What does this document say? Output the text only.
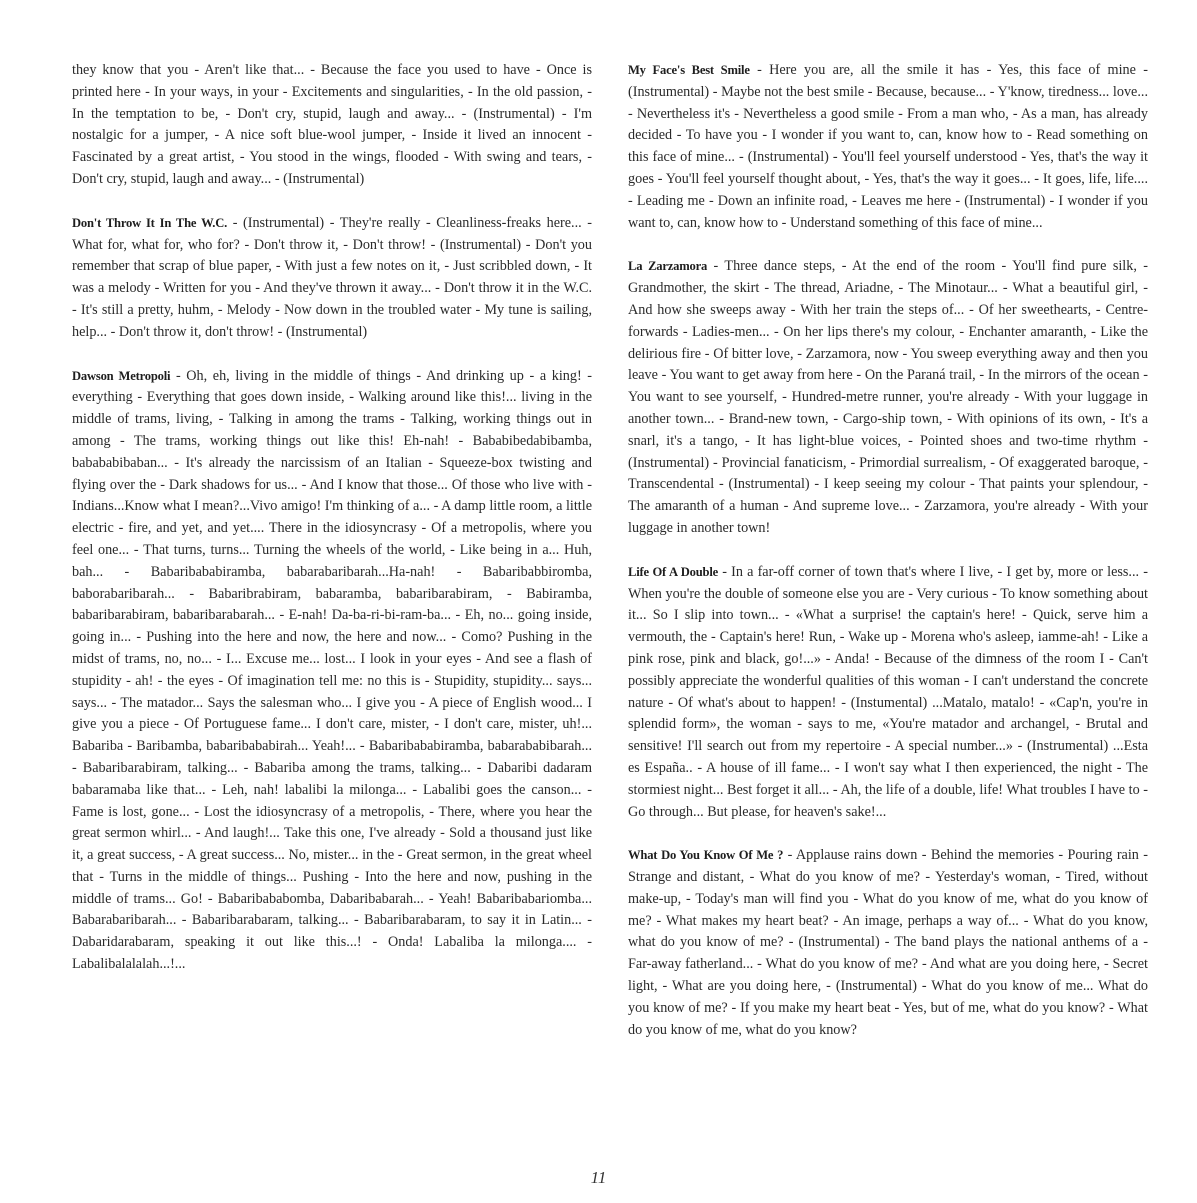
they know that you - Aren't like that... - Because the face you used to have - Once is printed here - In your ways, in your - Excitements and singularities, - In the old passion, - In the temptation to be, - Don't cry, stupid, laugh and away... - (Instrumental) - I'm nostalgic for a jumper, - A nice soft blue-wool jumper, - Inside it lived an innocent - Fascinated by a great artist, - You stood in the wings, flooded - With swing and tears, - Don't cry, stupid, laugh and away... - (Instrumental)

Don't Throw It In The W.C. - (Instrumental) - They're really - Cleanliness-freaks here... - What for, what for, who for? - Don't throw it, - Don't throw! - (Instrumental) - Don't you remember that scrap of blue paper, - With just a few notes on it, - Just scribbled down, - It was a melody - Written for you - And they've thrown it away... - Don't throw it in the W.C. - It's still a pretty, huhm, - Melody - Now down in the troubled water - My tune is sailing, help... - Don't throw it, don't throw! - (Instrumental)

Dawson Metropoli - Oh, eh, living in the middle of things - And drinking up - a king! - everything - Everything that goes down inside, - Walking around like this!... living in the middle of trams, living, - Talking in among the trams - Talking, working things out in among - The trams, working things out like this! Eh-nah! - Bababibedabibamba, babababibaban... - It's already the narcissism of an Italian - Squeeze-box twisting and flying over the - Dark shadows for us... - And I know that those... Of those who live with - Indians...Know what I mean?...Vivo amigo! I'm thinking of a... - A damp little room, a little electric - fire, and yet, and yet.... There in the idiosyncrasy - Of a metropolis, where you feel one... - That turns, turns... Turning the wheels of the world, - Like being in a... Huh, bah... - Babaribababiramba, babarabaribarah...Ha-nah! - Babaribabbiromba, baborabaribarah... - Babaribrabiram, babaramba, babaribarabiram, - Babiramba, babaribarabiram, babaribarabarah... - E-nah! Da-ba-ri-bi-ram-ba... - Eh, no... going inside, going in... - Pushing into the here and now, the here and now... - Como? Pushing in the midst of trams, no, no... - I... Excuse me... lost... I look in your eyes - And see a flash of stupidity - ah! - the eyes - Of imagination tell me: no this is - Stupidity, stupidity... says... says... - The matador... Says the salesman who... I give you - A piece of English wood... I give you a piece - Of Portuguese fame... I don't care, mister, - I don't care, mister, uh!... Babariba - Baribamba, babaribababirah... Yeah!... - Babaribababiramba, babarababibarah... - Babaribarabiram, talking... - Babariba among the trams, talking... - Dabaribi dadaram babaramaba like that... - Leh, nah! labalibi la milonga... - Labalibi goes the canson... - Fame is lost, gone... - Lost the idiosyncrasy of a metropolis, - There, where you hear the great sermon whirl... - And laugh!... Take this one, I've already - Sold a thousand just like it, a great success, - A great success... No, mister... in the - Great sermon, in the great wheel that - Turns in the middle of things... Pushing - Into the here and now, pushing in the middle of trams... Go! - Babaribababomba, Dabaribabarah... - Yeah! Babaribabariomba... Babarabaribarah... - Babaribarabaram, talking... - Babaribarabaram, to say it in Latin... - Dabaridarabaram, speaking it out like this...! - Onda! Labaliba la milonga.... - Labalibalalalah...!...

My Face's Best Smile - Here you are, all the smile it has - Yes, this face of mine - (Instrumental) - Maybe not the best smile - Because, because... - Y'know, tiredness... love... - Nevertheless it's - Nevertheless a good smile - From a man who, - As a man, has already decided - To have you - I wonder if you want to, can, know how to - Read something on this face of mine... - (Instrumental) - You'll feel yourself understood - Yes, that's the way it goes - You'll feel yourself thought about, - Yes, that's the way it goes... - It goes, life, life.... - Leading me - Down an infinite road, - Leaves me here - (Instrumental) - I wonder if you want to, can, know how to - Understand something of this face of mine...

La Zarzamora - Three dance steps, - At the end of the room - You'll find pure silk, - Grandmother, the skirt - The thread, Ariadne, - The Minotaur... - What a beautiful girl, - And how she sweeps away - With her train the steps of... - Of her sweethearts, - Centre-forwards - Ladies-men... - On her lips there's my colour, - Enchanter amaranth, - Like the delirious fire - Of bitter love, - Zarzamora, now - You sweep everything away and then you leave - You want to get away from here - On the Paraná trail, - In the mirrors of the ocean - You want to see yourself, - Hundred-metre runner, you're already - With your luggage in another town... - Brand-new town, - Cargo-ship town, - With opinions of its own, - It's a snarl, it's a tango, - It has light-blue voices, - Pointed shoes and two-time rhythm - (Instrumental) - Provincial fanaticism, - Primordial surrealism, - Of exaggerated baroque, - Transcendental - (Instrumental) - I keep seeing my colour - That paints your splendour, - The amaranth of a human - And supreme love... - Zarzamora, you're already - With your luggage in another town!

Life Of A Double - In a far-off corner of town that's where I live, - I get by, more or less... - When you're the double of someone else you are - Very curious - To know something about it... So I slip into town... - «What a surprise! the captain's here! - Quick, serve him a vermouth, the - Captain's here! Run, - Wake up - Morena who's asleep, iamme-ah! - Like a pink rose, pink and black, go!...» - Anda! - Because of the dimness of the room I - Can't possibly appreciate the wonderful qualities of this woman - I can't understand the concrete nature - Of what's about to happen! - (Instumental) ...Matalo, matalo! - «Cap'n, you're in splendid form», the woman - says to me, «You're matador and archangel, - Brutal and sensitive! I'll search out from my repertoire - A special number...» - (Instrumental) ...Esta es España.. - A house of ill fame... - I won't say what I then experienced, the night - The stormiest night... Best forget it all... - Ah, the life of a double, life! What troubles I have to - Go through... But please, for heaven's sake!...

What Do You Know Of Me ? - Applause rains down - Behind the memories - Pouring rain - Strange and distant, - What do you know of me? - Yesterday's woman, - Tired, without make-up, - Today's man will find you - What do you know of me, what do you know of me? - What makes my heart beat? - An image, perhaps a way of... - What do you know, what do you know of me? - (Instrumental) - The band plays the national anthems of a - Far-away fatherland... - What do you know of me? - And what are you doing here, - Secret light, - What are you doing here, - (Instrumental) - What do you know of me... What do you know of me? - If you make my heart beat - Yes, but of me, what do you know? - What do you know of me, what do you know?

11
